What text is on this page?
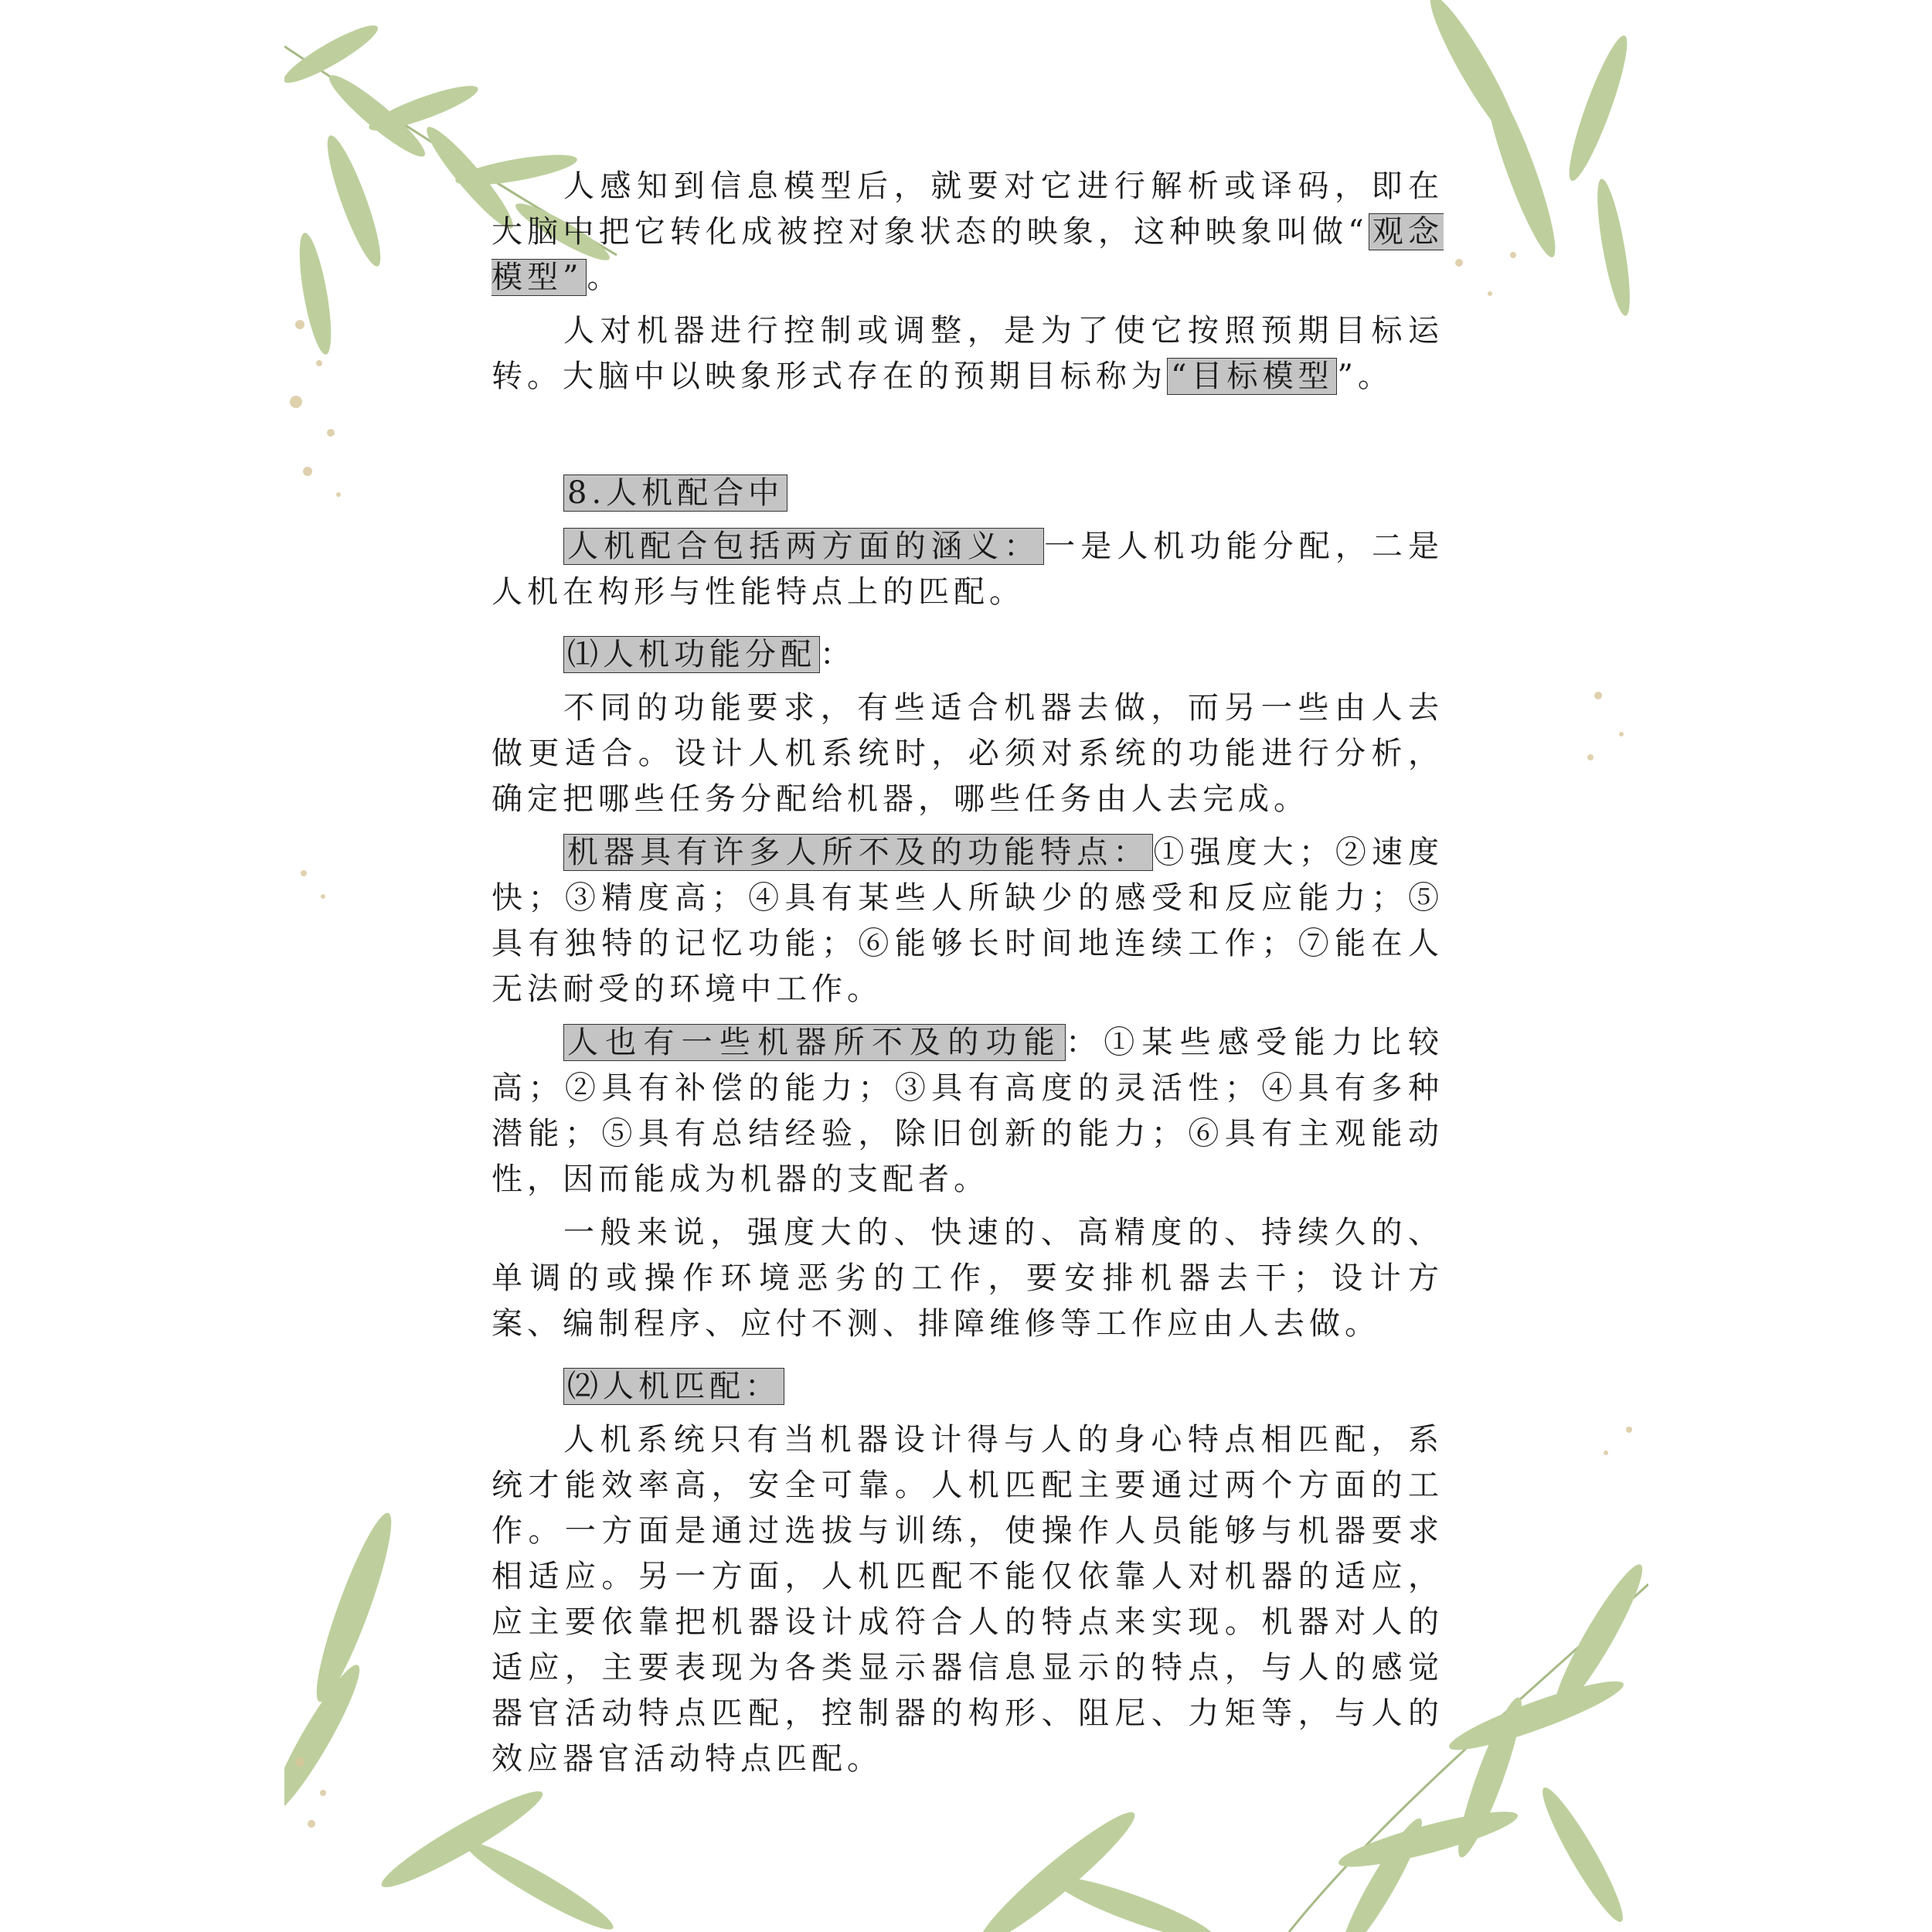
人感知到信息模型后，就要对它进行解析或译码，即在大脑中把它转化成被控对象状态的映象，这种映象叫做“ 观念模型” 。

人对机器进行控制或调整，是为了使它按照预期目标运转。大脑中以映象形式存在的预期目标称为 “目标模型 ”。

8.人机配合中

人机配合包括两方面的涵义： 一是人机功能分配，二是人机在构形与性能特点上的匹配。

⑴人机功能分配 ：

不同的功能要求，有些适合机器去做，而另一些由人去做更适合。设计人机系统时，必须对系统的功能进行分析，确定把哪些任务分配给机器，哪些任务由人去完成。

机器具有许多人所不及的功能特点： ①强度大；②速度快；③精度高；④具有某些人所缺少的感受和反应能力；⑤具有独特的记忆功能；⑥能够长时间地连续工作；⑦能在人无法耐受的环境中工作。

人也有一些机器所不及的功能 ：①某些感受能力比较高；②具有补偿的能力；③具有高度的灵活性；④具有多种潜能；⑤具有总结经验，除旧创新的能力；⑥具有主观能动性，因而能成为机器的支配者。

一般来说，强度大的、快速的、高精度的、持续久的、单调的或操作环境恶劣的工作，要安排机器去干；设计方案、编制程序、应付不测、排障维修等工作应由人去做。

⑵人机匹配：

人机系统只有当机器设计得与人的身心特点相匹配，系统才能效率高，安全可靠。人机匹配主要通过两个方面的工作。一方面是通过选拔与训练，使操作人员能够与机器要求相适应。另一方面，人机匹配不能仅依靠人对机器的适应，应主要依靠把机器设计成符合人的特点来实现。机器对人的适应，主要表现为各类显示器信息显示的特点，与人的感觉器官活动特点匹配，控制器的构形、阻尼、力矩等，与人的效应器官活动特点匹配。
